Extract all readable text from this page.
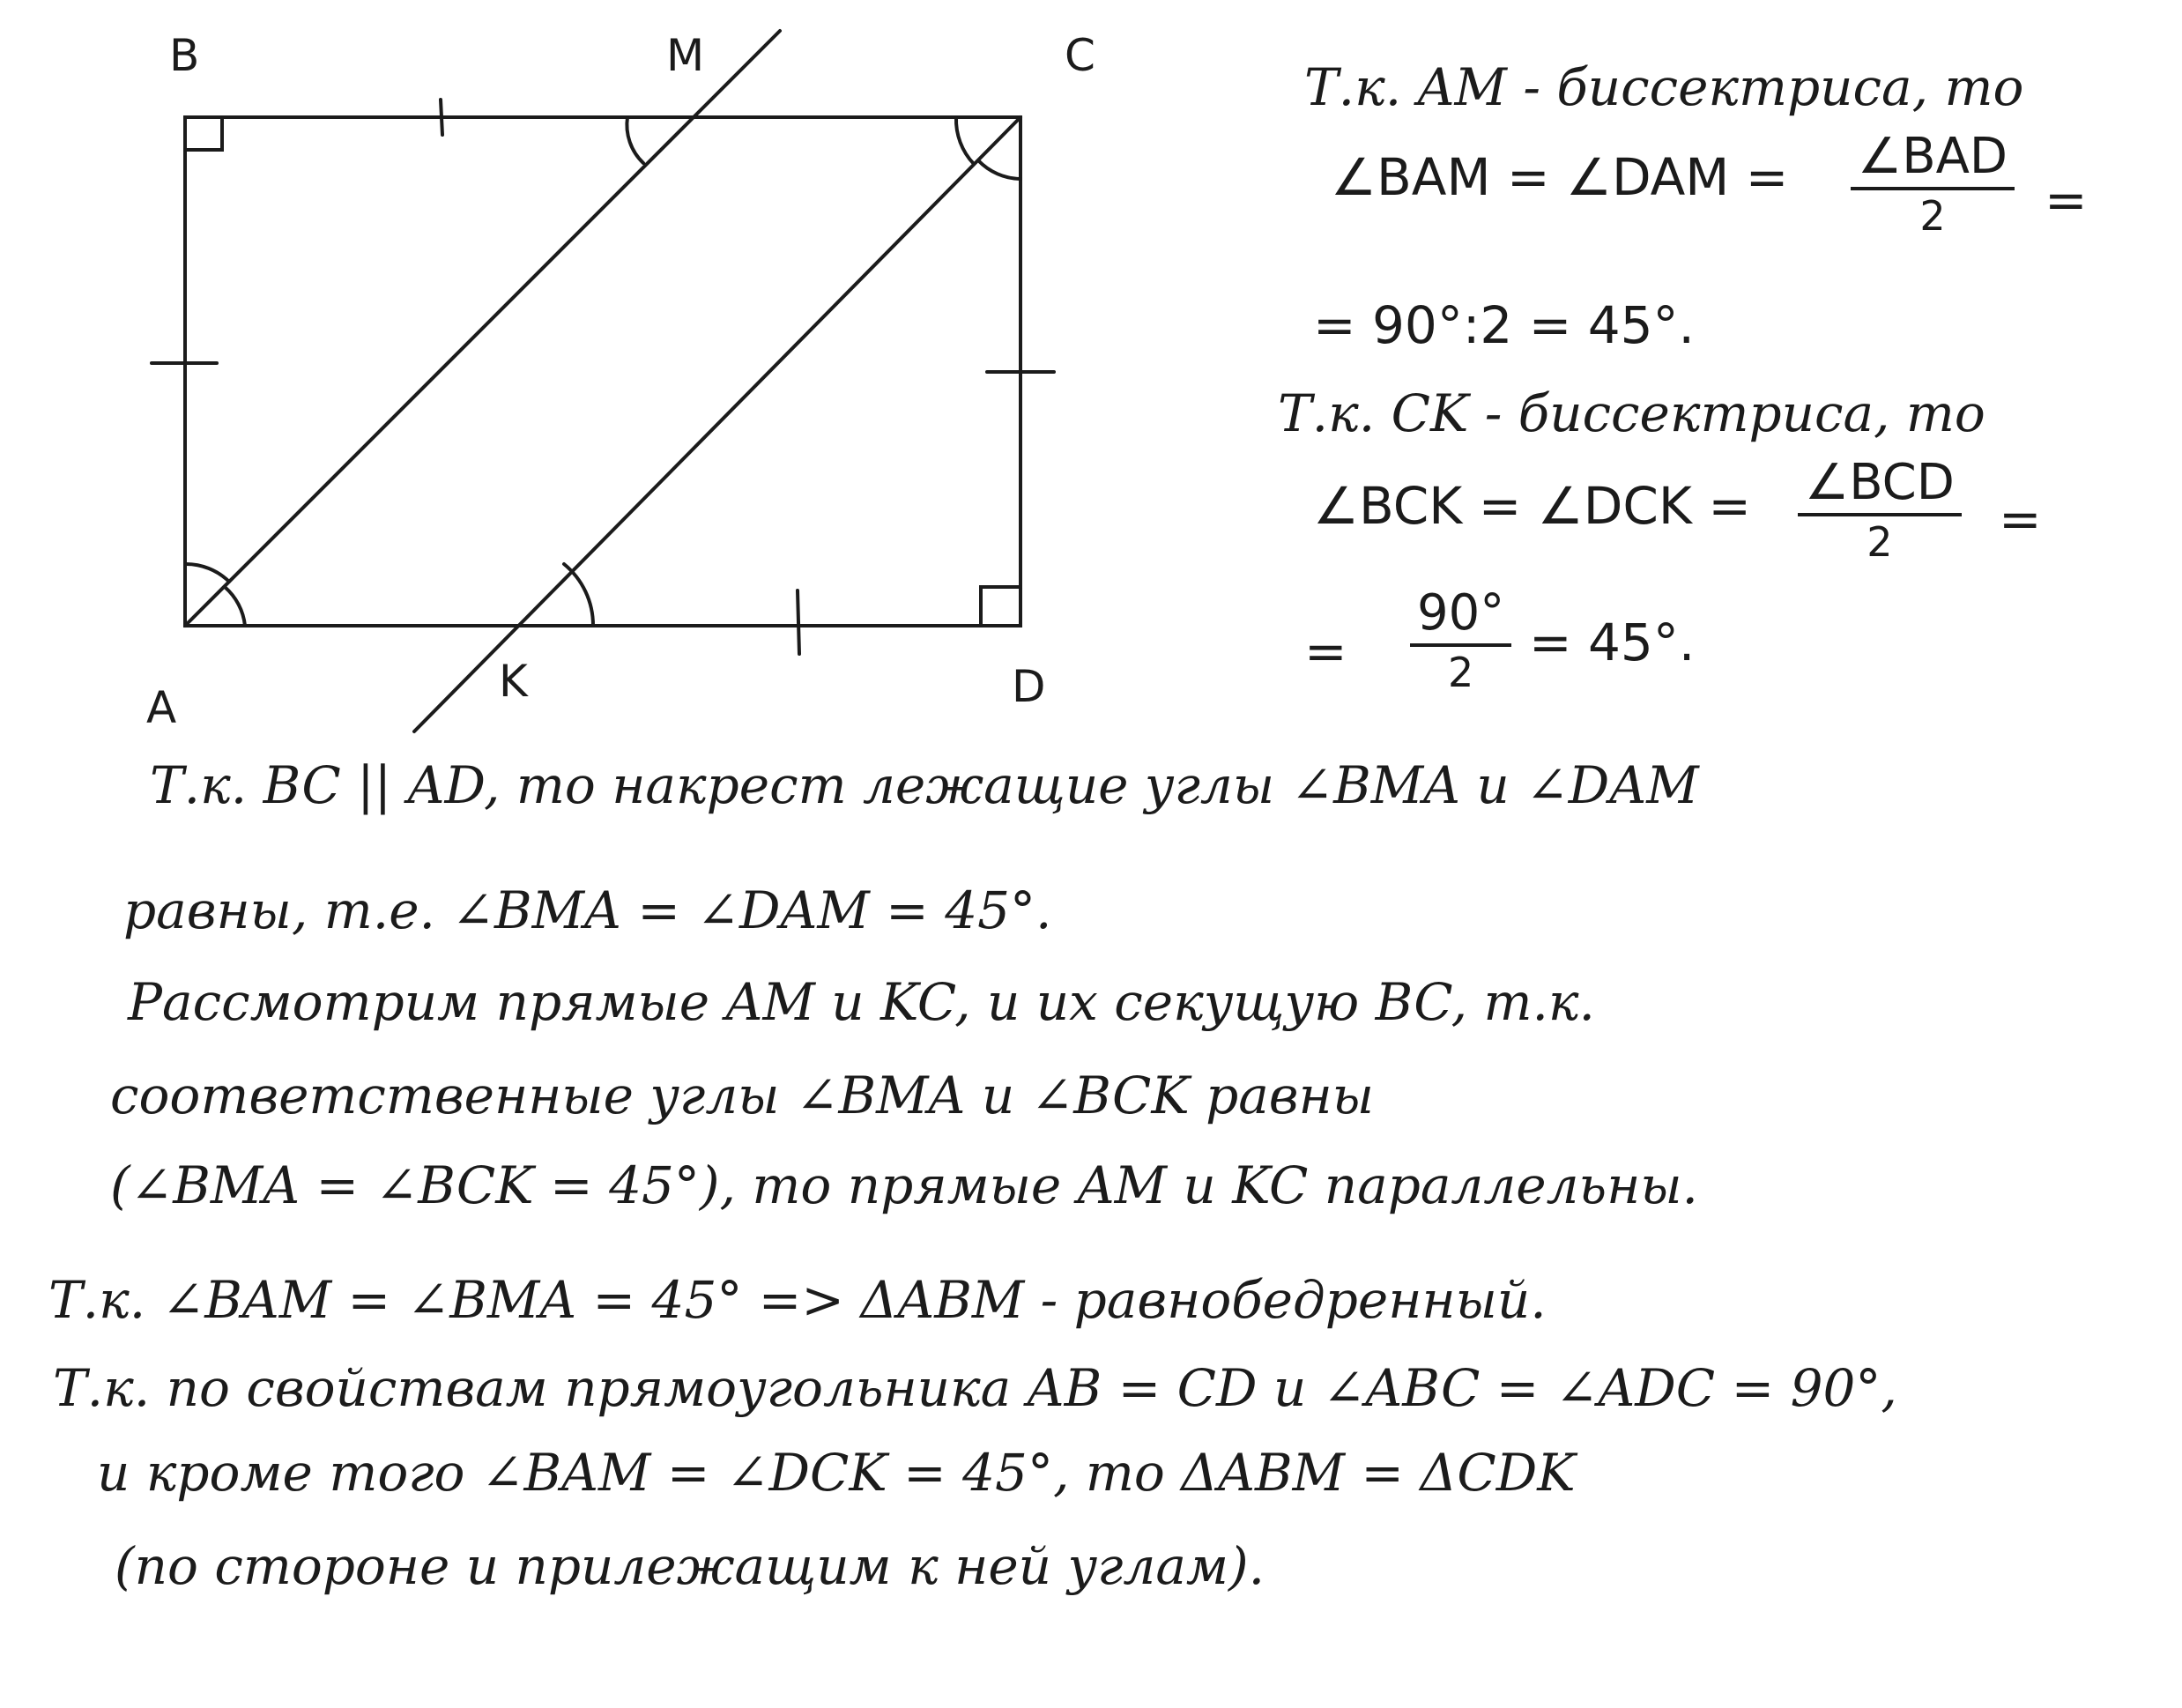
B	M	C
A
K	D
Т.к. AM - биссектриса, то
∠BAM = ∠DAM = ∠BAD
2	=
= 90°:2 = 45°.
Т.к. CK - биссектриса, то
∠BCK = ∠DCK = ∠BCD
2	=
=
90°
2	= 45°.
Т.к. BC || AD, то накрест лежащие углы ∠BMA и ∠DAM
равны, т.е. ∠BMA = ∠DAM = 45°.
Рассмотрим прямые AM и KC, и их секущую BC, т.к.
соответственные углы ∠BMA и ∠BCK равны
(∠BMA = ∠BCK = 45°), то прямые AM и KC параллельны.
Т.к. ∠BAM = ∠BMA = 45° => ΔABM - равнобедренный.
Т.к. по свойствам прямоугольника AB = CD и ∠ABC = ∠ADC = 90°,
и кроме того ∠BAM = ∠DCK = 45°, то ΔABM = ΔCDK
(по стороне и прилежащим к ней углам).
